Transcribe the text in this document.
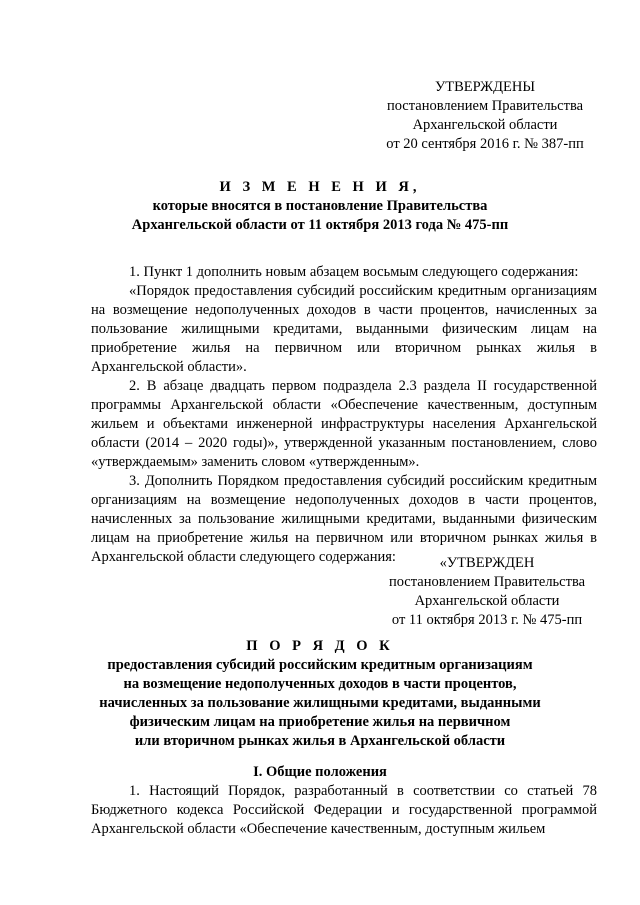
УТВЕРЖДЕНЫ
постановлением Правительства
Архангельской области
от 20 сентября 2016 г. № 387-пп
И З М Е Н Е Н И Я,
которые вносятся в постановление Правительства
Архангельской области от 11 октября 2013 года № 475-пп

1. Пункт 1 дополнить новым абзацем восьмым следующего содержания:

«Порядок предоставления субсидий российским кредитным организациям на возмещение недополученных доходов в части процентов, начисленных за пользование жилищными кредитами, выданными физическим лицам на приобретение жилья на первичном или вторичном рынках жилья в Архангельской области».

2. В абзаце двадцать первом подраздела 2.3 раздела II государственной программы Архангельской области «Обеспечение качественным, доступным жильем и объектами инженерной инфраструктуры населения Архангельской области (2014 – 2020 годы)», утвержденной указанным постановлением, слово «утверждаемым» заменить словом «утвержденным».

3. Дополнить Порядком предоставления субсидий российским кредитным организациям на возмещение недополученных доходов в части процентов, начисленных за пользование жилищными кредитами, выданными физическим лицам на приобретение жилья на первичном или вторичном рынках жилья в Архангельской области следующего содержания:	«УТВЕРЖДЕН
постановлением Правительства
Архангельской области
от 11 октября 2013 г. № 475-пп
П О Р Я Д О К
предоставления субсидий российским кредитным организациям
на возмещение недополученных доходов в части процентов,
начисленных за пользование жилищными кредитами, выданными
физическим лицам на приобретение жилья на первичном
или вторичном рынках жилья в Архангельской области
I. Общие положения

1. Настоящий Порядок, разработанный в соответствии со статьей 78 Бюджетного кодекса Российской Федерации и государственной программой Архангельской области «Обеспечение качественным, доступным жильем
